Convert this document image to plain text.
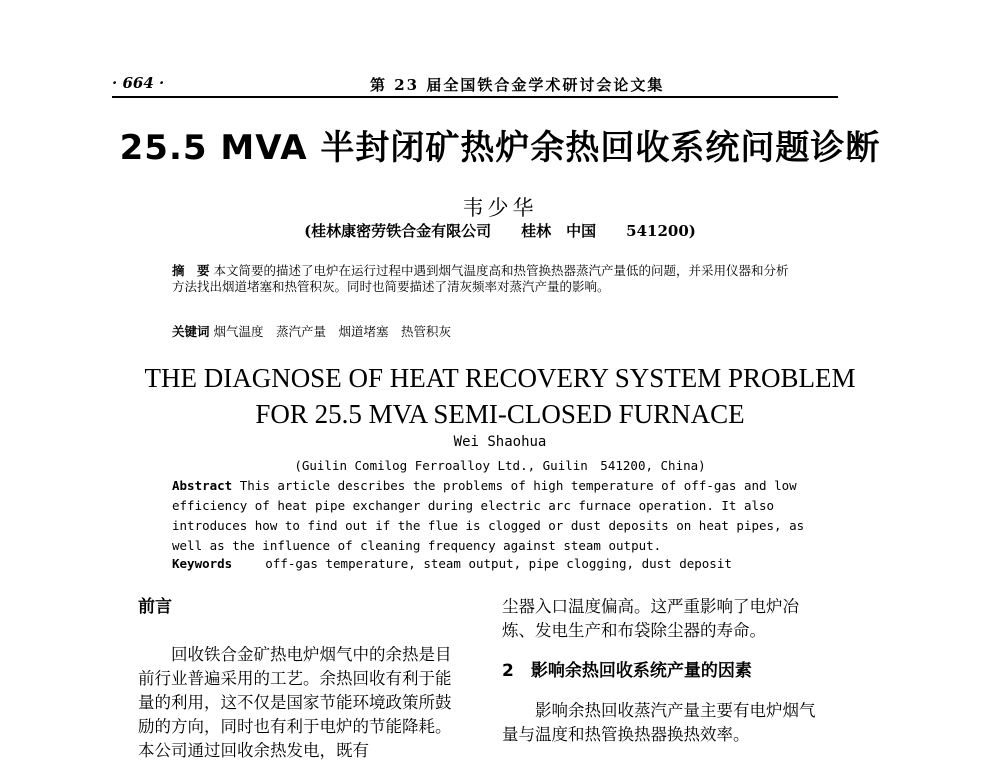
· 664 ·	第 23 届全国铁合金学术研讨会论文集
25.5 MVA 半封闭矿热炉余热回收系统问题诊断
韦少华
(桂林康密劳铁合金有限公司　　桂林　中国　　541200)
摘　要 本文简要的描述了电炉在运行过程中遇到烟气温度高和热管换热器蒸汽产量低的问题，并采用仪器和分析方法找出烟道堵塞和热管积灰。同时也简要描述了清灰频率对蒸汽产量的影响。
关键词 烟气温度　蒸汽产量　烟道堵塞　热管积灰
THE DIAGNOSE OF HEAT RECOVERY SYSTEM PROBLEM
FOR 25.5 MVA SEMI-CLOSED FURNACE
Wei Shaohua
(Guilin Comilog Ferroalloy Ltd., Guilin　541200, China)
Abstract This article describes the problems of high temperature of off-gas and low efficiency of heat pipe exchanger during electric arc furnace operation. It also introduces how to find out if the flue is clogged or dust deposits on heat pipes, as well as the influence of cleaning frequency against steam output.
Keywords	off-gas temperature, steam output, pipe clogging, dust deposit
前言

回收铁合金矿热电炉烟气中的余热是目前行业普遍采用的工艺。余热回收有利于能量的利用，这不仅是国家节能环境政策所鼓励的方向，同时也有利于电炉的节能降耗。本公司通过回收余热发电，既有

尘器入口温度偏高。这严重影响了电炉冶炼、发电生产和布袋除尘器的寿命。

2　影响余热回收系统产量的因素

影响余热回收蒸汽产量主要有电炉烟气量与温度和热管换热器换热效率。
